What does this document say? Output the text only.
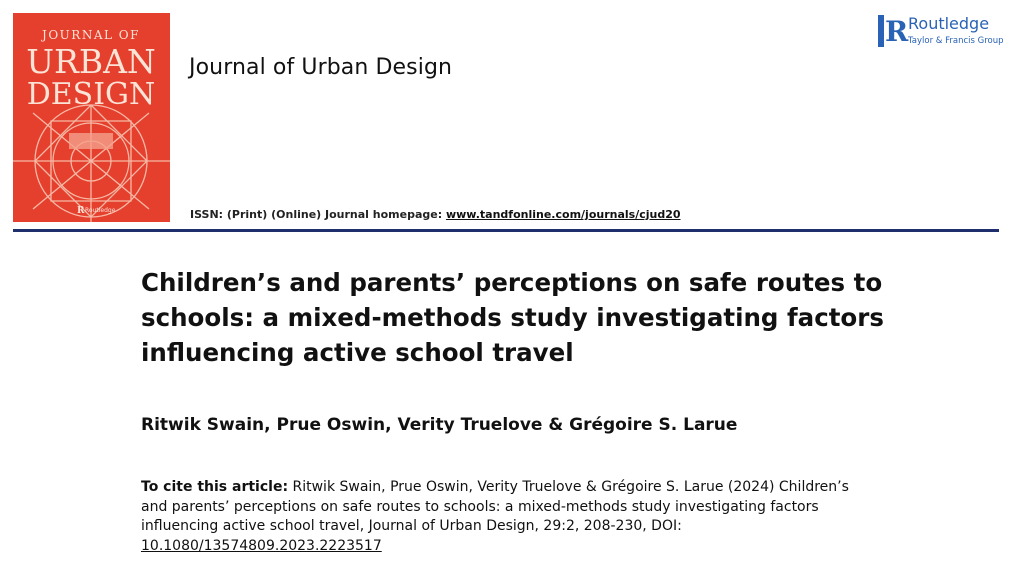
JOURNAL OF
URBAN
DESIGN
R Routledge
Journal of Urban Design
R Routledge
Taylor & Francis Group
ISSN: (Print) (Online) Journal homepage: www.tandfonline.com/journals/cjud20
Children’s and parents’ perceptions on safe routes to schools: a mixed-methods study investigating factors influencing active school travel
Ritwik Swain, Prue Oswin, Verity Truelove & Grégoire S. Larue
To cite this article: Ritwik Swain, Prue Oswin, Verity Truelove & Grégoire S. Larue (2024) Children’s and parents’ perceptions on safe routes to schools: a mixed-methods study investigating factors influencing active school travel, Journal of Urban Design, 29:2, 208-230, DOI: 10.1080/13574809.2023.2223517
